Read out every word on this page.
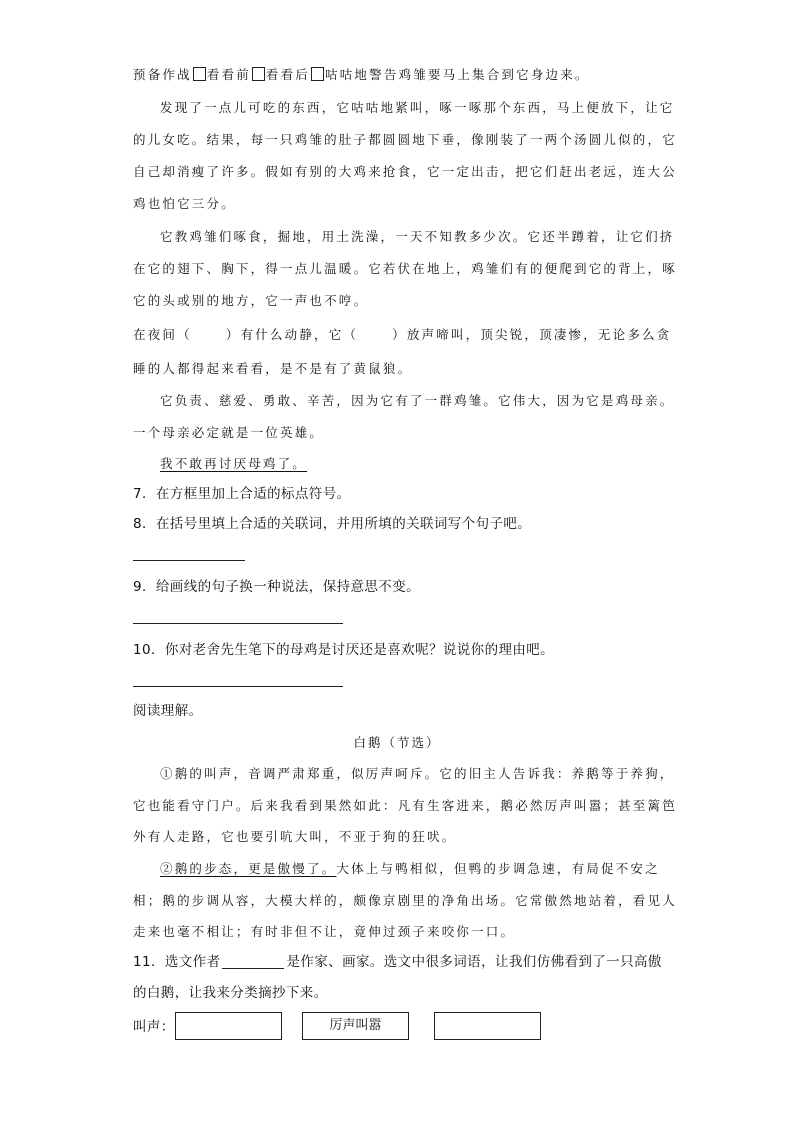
预备作战 看看前 看看后 咕咕地警告鸡雏要马上集合到它身边来。
发现了一点儿可吃的东西，它咕咕地紧叫，啄一啄那个东西，马上便放下，让它
的儿女吃。结果，每一只鸡雏的肚子都圆圆地下垂，像刚装了一两个汤圆儿似的，它
自己却消瘦了许多。假如有别的大鸡来抢食，它一定出击，把它们赶出老远，连大公
鸡也怕它三分。
它教鸡雏们啄食，掘地，用土洗澡，一天不知教多少次。它还半蹲着，让它们挤
在它的翅下、胸下，得一点儿温暖。它若伏在地上，鸡雏们有的便爬到它的背上，啄
它的头或别的地方，它一声也不哼。
在夜间（	）有什么动静，它（	）放声啼叫，顶尖锐，顶凄惨，无论多么贪
睡的人都得起来看看，是不是有了黄鼠狼。
它负责、慈爱、勇敢、辛苦，因为它有了一群鸡雏。它伟大，因为它是鸡母亲。
一个母亲必定就是一位英雄。
我不敢再讨厌母鸡了。
7．在方框里加上合适的标点符号。
8．在括号里填上合适的关联词，并用所填的关联词写个句子吧。
9．给画线的句子换一种说法，保持意思不变。
10．你对老舍先生笔下的母鸡是讨厌还是喜欢呢？说说你的理由吧。
阅读理解。
白鹅（节选）
①鹅的叫声，音调严肃郑重，似厉声呵斥。它的旧主人告诉我：养鹅等于养狗，
它也能看守门户。后来我看到果然如此：凡有生客进来，鹅必然厉声叫嚣；甚至篱笆
外有人走路，它也要引吭大叫，不亚于狗的狂吠。
②鹅的步态，更是傲慢了。大体上与鸭相似，但鸭的步调急速，有局促不安之
相；鹅的步调从容，大模大样的，颇像京剧里的净角出场。它常傲然地站着，看见人
走来也毫不相让；有时非但不让，竟伸过颈子来咬你一口。
11．选文作者	是作家、画家。选文中很多词语，让我们仿佛看到了一只高傲
的白鹅，让我来分类摘抄下来。
叫声：	厉声叫嚣
